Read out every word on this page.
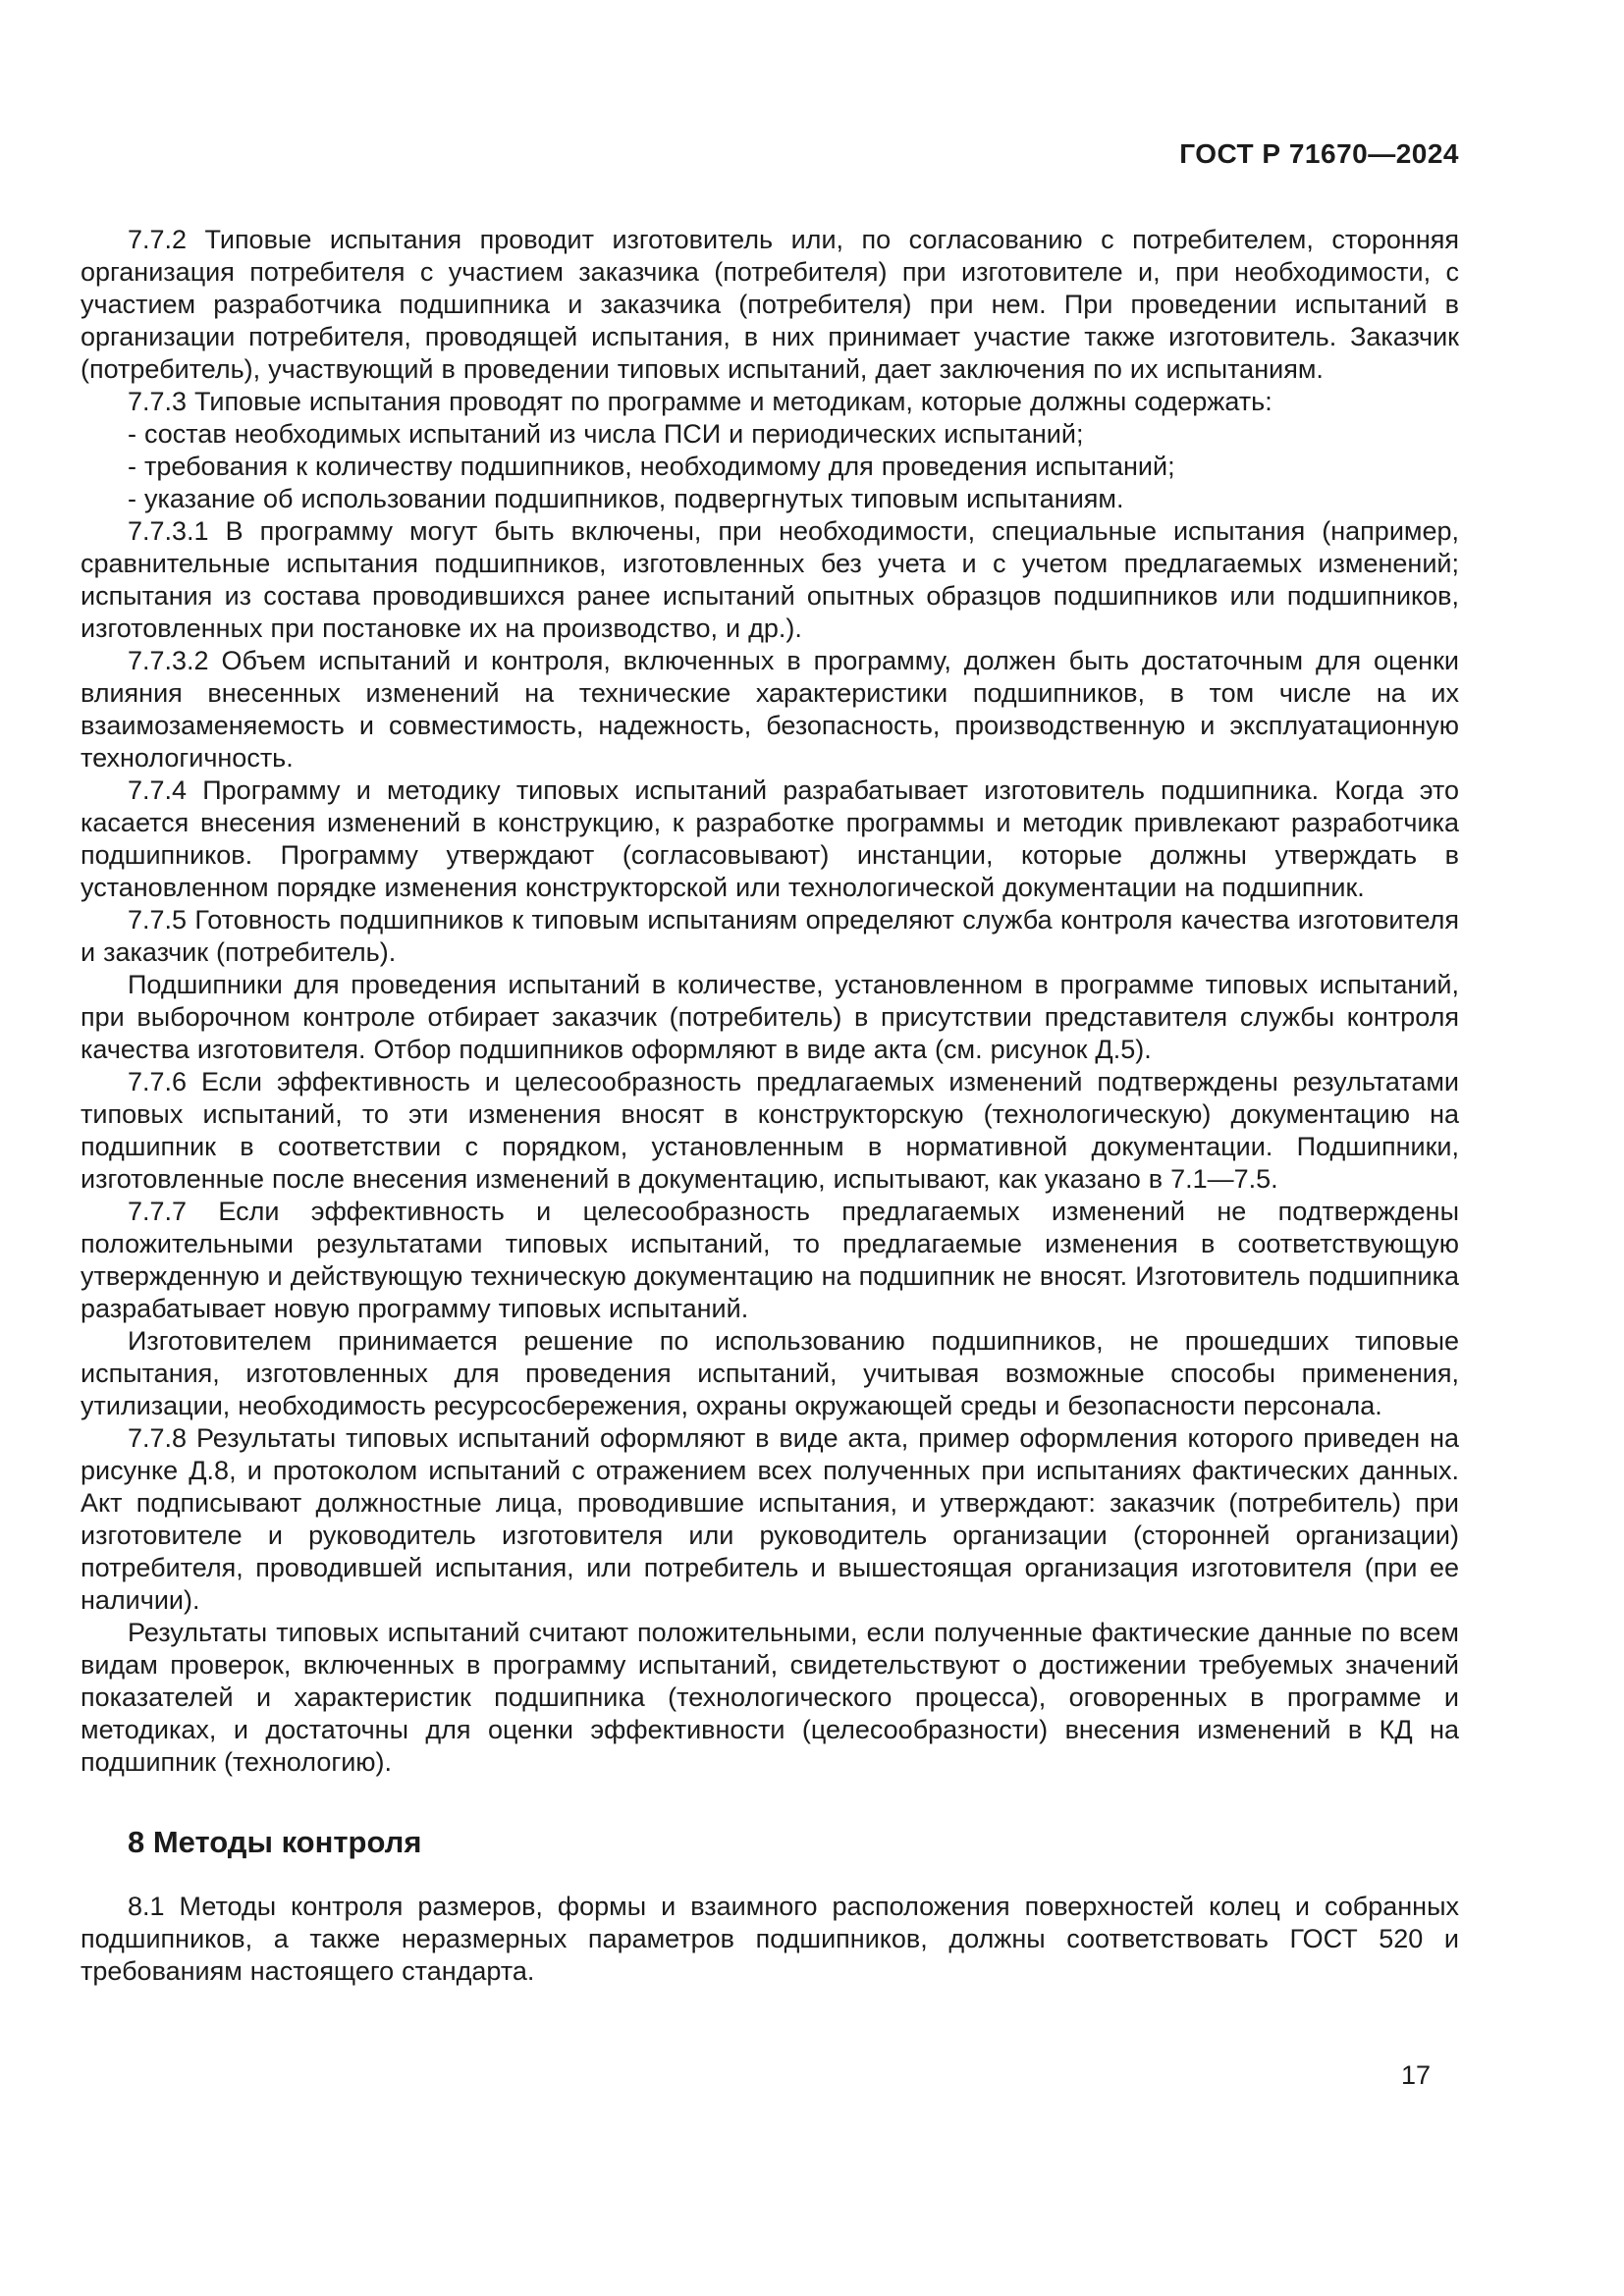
ГОСТ Р 71670—2024

7.7.2 Типовые испытания проводит изготовитель или, по согласованию с потребителем, сторонняя организация потребителя с участием заказчика (потребителя) при изготовителе и, при необходимости, с участием разработчика подшипника и заказчика (потребителя) при нем. При проведении испытаний в организации потребителя, проводящей испытания, в них принимает участие также изготовитель. Заказчик (потребитель), участвующий в проведении типовых испытаний, дает заключения по их испытаниям.

7.7.3 Типовые испытания проводят по программе и методикам, которые должны содержать:

- состав необходимых испытаний из числа ПСИ и периодических испытаний;

- требования к количеству подшипников, необходимому для проведения испытаний;

- указание об использовании подшипников, подвергнутых типовым испытаниям.

7.7.3.1 В программу могут быть включены, при необходимости, специальные испытания (например, сравнительные испытания подшипников, изготовленных без учета и с учетом предлагаемых изменений; испытания из состава проводившихся ранее испытаний опытных образцов подшипников или подшипников, изготовленных при постановке их на производство, и др.).

7.7.3.2 Объем испытаний и контроля, включенных в программу, должен быть достаточным для оценки влияния внесенных изменений на технические характеристики подшипников, в том числе на их взаимозаменяемость и совместимость, надежность, безопасность, производственную и эксплуатационную технологичность.

7.7.4 Программу и методику типовых испытаний разрабатывает изготовитель подшипника. Когда это касается внесения изменений в конструкцию, к разработке программы и методик привлекают разработчика подшипников. Программу утверждают (согласовывают) инстанции, которые должны утверждать в установленном порядке изменения конструкторской или технологической документации на подшипник.

7.7.5 Готовность подшипников к типовым испытаниям определяют служба контроля качества изготовителя и заказчик (потребитель).

Подшипники для проведения испытаний в количестве, установленном в программе типовых испытаний, при выборочном контроле отбирает заказчик (потребитель) в присутствии представителя службы контроля качества изготовителя. Отбор подшипников оформляют в виде акта (см. рисунок Д.5).

7.7.6 Если эффективность и целесообразность предлагаемых изменений подтверждены результатами типовых испытаний, то эти изменения вносят в конструкторскую (технологическую) документацию на подшипник в соответствии с порядком, установленным в нормативной документации. Подшипники, изготовленные после внесения изменений в документацию, испытывают, как указано в 7.1—7.5.

7.7.7 Если эффективность и целесообразность предлагаемых изменений не подтверждены положительными результатами типовых испытаний, то предлагаемые изменения в соответствующую утвержденную и действующую техническую документацию на подшипник не вносят. Изготовитель подшипника разрабатывает новую программу типовых испытаний.

Изготовителем принимается решение по использованию подшипников, не прошедших типовые испытания, изготовленных для проведения испытаний, учитывая возможные способы применения, утилизации, необходимость ресурсосбережения, охраны окружающей среды и безопасности персонала.

7.7.8 Результаты типовых испытаний оформляют в виде акта, пример оформления которого приведен на рисунке Д.8, и протоколом испытаний с отражением всех полученных при испытаниях фактических данных. Акт подписывают должностные лица, проводившие испытания, и утверждают: заказчик (потребитель) при изготовителе и руководитель изготовителя или руководитель организации (сторонней организации) потребителя, проводившей испытания, или потребитель и вышестоящая организация изготовителя (при ее наличии).

Результаты типовых испытаний считают положительными, если полученные фактические данные по всем видам проверок, включенных в программу испытаний, свидетельствуют о достижении требуемых значений показателей и характеристик подшипника (технологического процесса), оговоренных в программе и методиках, и достаточны для оценки эффективности (целесообразности) внесения изменений в КД на подшипник (технологию).

8 Методы контроля

8.1 Методы контроля размеров, формы и взаимного расположения поверхностей колец и собранных подшипников, а также неразмерных параметров подшипников, должны соответствовать ГОСТ 520 и требованиям настоящего стандарта.

17
